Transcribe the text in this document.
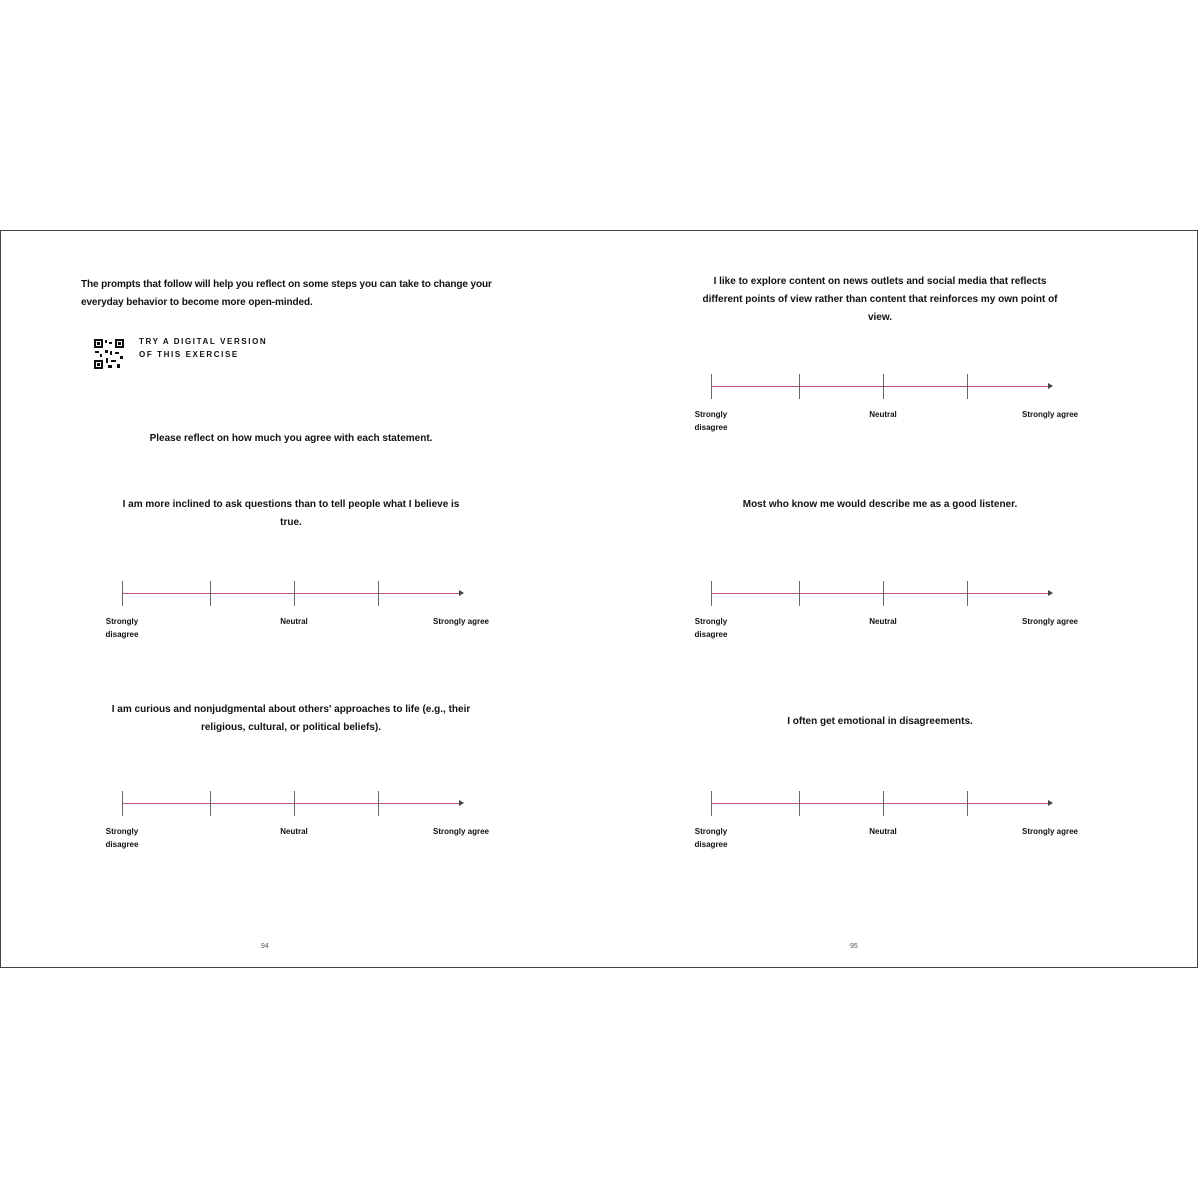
The prompts that follow will help you reflect on some steps you can take to change your everyday behavior to become more open-minded.
TRY A DIGITAL VERSION OF THIS EXERCISE
Please reflect on how much you agree with each statement.
I am more inclined to ask questions than to tell people what I believe is true.
Strongly disagree
Neutral	Strongly agree
I am curious and nonjudgmental about others' approaches to life (e.g., their religious, cultural, or political beliefs).
Strongly disagree
Neutral	Strongly agree
94
I like to explore content on news outlets and social media that reflects different points of view rather than content that reinforces my own point of view.
Strongly disagree
Neutral	Strongly agree
Most who know me would describe me as a good listener.
Strongly disagree
Neutral	Strongly agree
I often get emotional in disagreements.
Strongly disagree
Neutral	Strongly agree
95
